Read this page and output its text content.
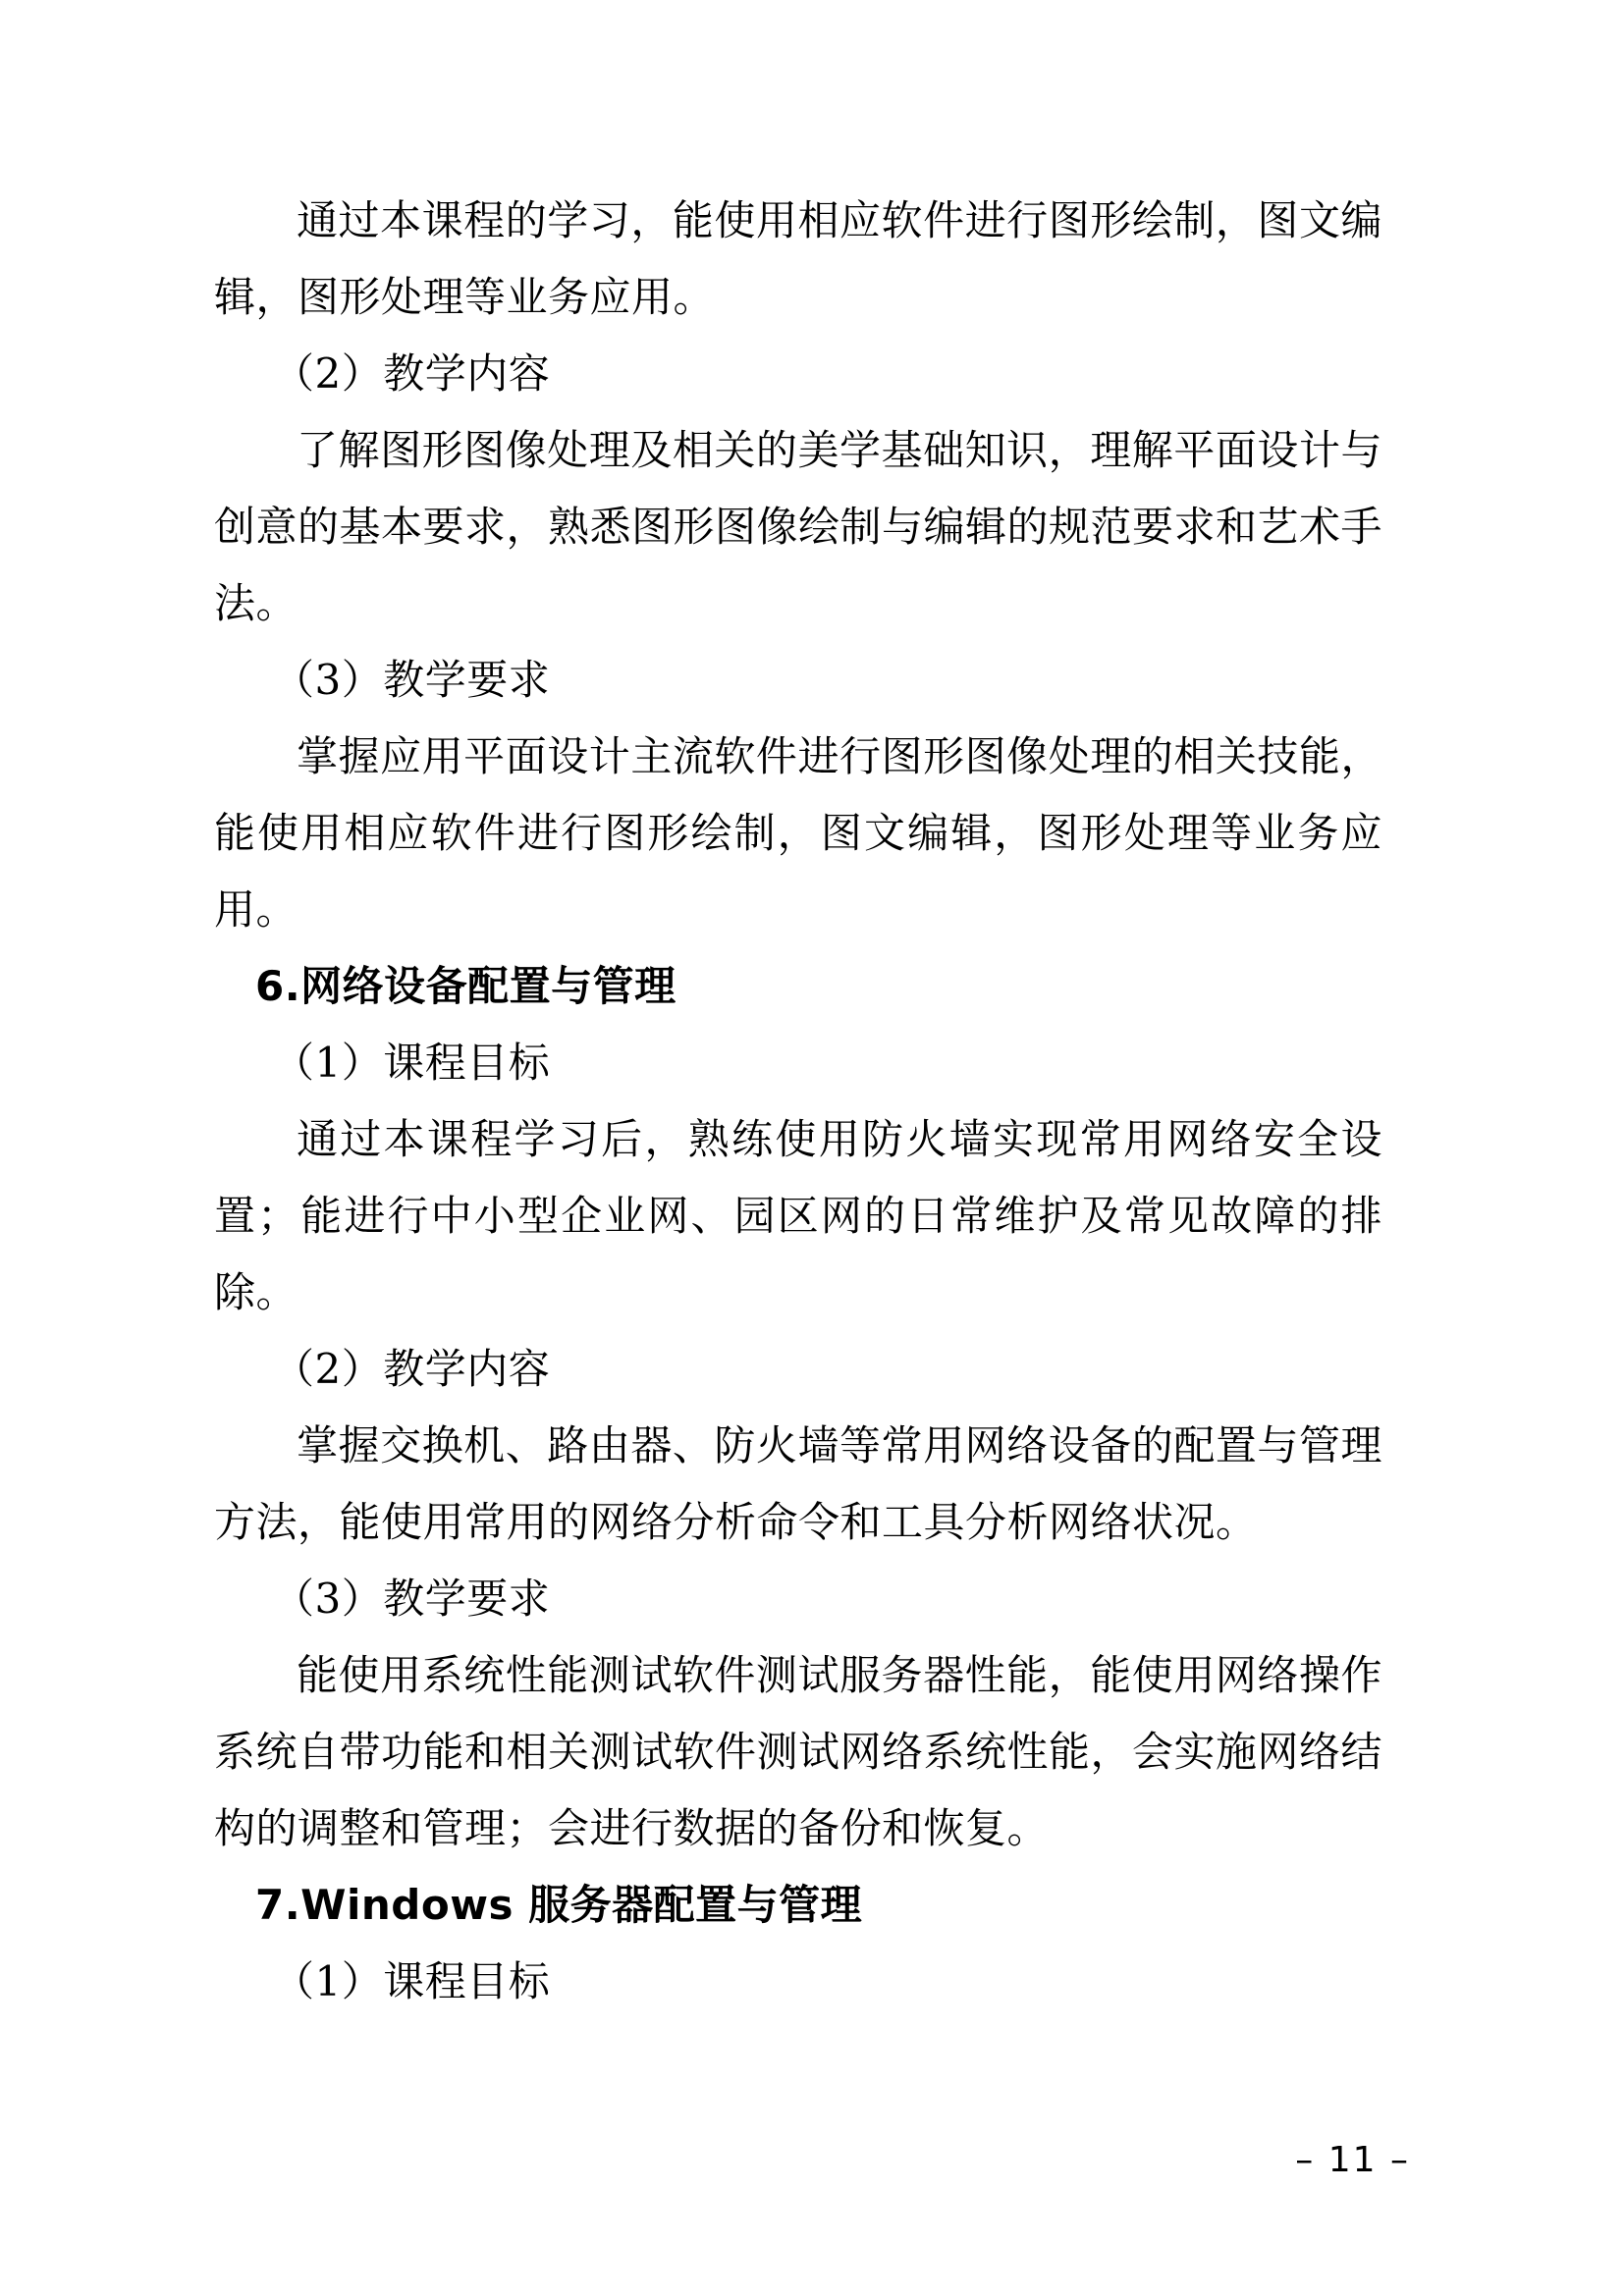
通过本课程的学习，能使用相应软件进行图形绘制，图文编辑，图形处理等业务应用。

（2）教学内容

了解图形图像处理及相关的美学基础知识，理解平面设计与创意的基本要求，熟悉图形图像绘制与编辑的规范要求和艺术手法。

（3）教学要求

掌握应用平面设计主流软件进行图形图像处理的相关技能，能使用相应软件进行图形绘制，图文编辑，图形处理等业务应用。

6.网络设备配置与管理

（1）课程目标

通过本课程学习后，熟练使用防火墙实现常用网络安全设置；能进行中小型企业网、园区网的日常维护及常见故障的排除。

（2）教学内容

掌握交换机、路由器、防火墙等常用网络设备的配置与管理方法，能使用常用的网络分析命令和工具分析网络状况。

（3）教学要求

能使用系统性能测试软件测试服务器性能，能使用网络操作系统自带功能和相关测试软件测试网络系统性能，会实施网络结构的调整和管理；会进行数据的备份和恢复。

7.Windows 服务器配置与管理

（1）课程目标

– 11 –
